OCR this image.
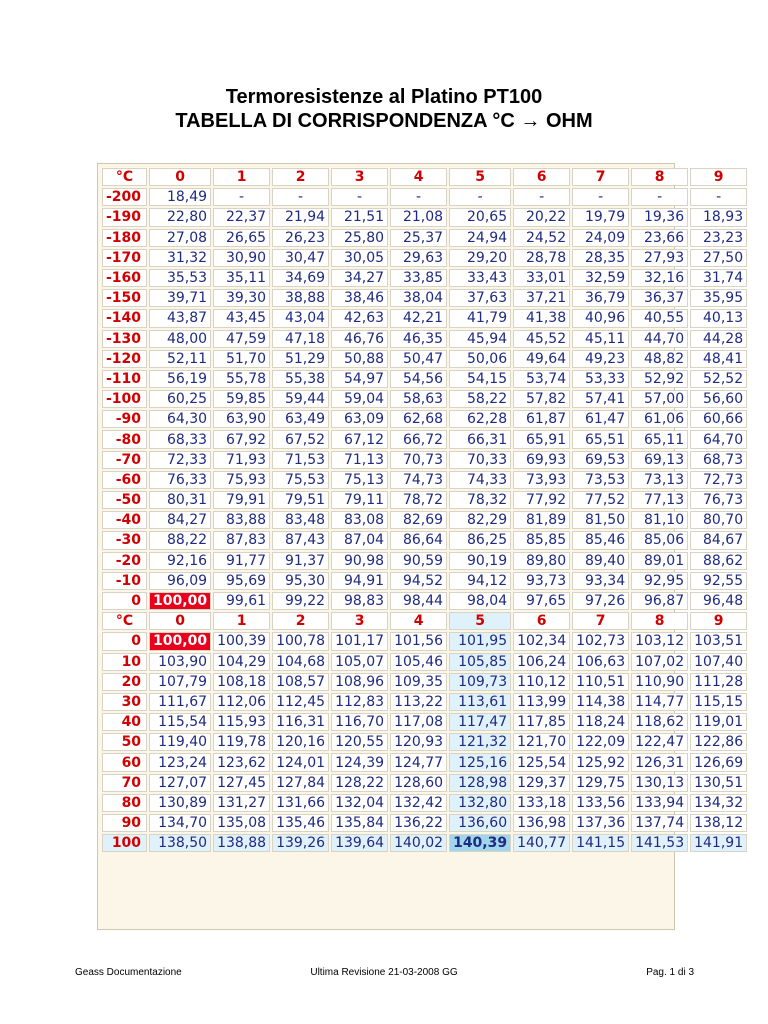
Termoresistenze al Platino PT100
TABELLA DI CORRISPONDENZA °C → OHM
°C	0	1	2	3	4	5	6	7	8	9
-200	18,49	-	-	-	-	-	-	-	-	-
-190	22,80	22,37	21,94	21,51	21,08	20,65	20,22	19,79	19,36	18,93
-180	27,08	26,65	26,23	25,80	25,37	24,94	24,52	24,09	23,66	23,23
-170	31,32	30,90	30,47	30,05	29,63	29,20	28,78	28,35	27,93	27,50
-160	35,53	35,11	34,69	34,27	33,85	33,43	33,01	32,59	32,16	31,74
-150	39,71	39,30	38,88	38,46	38,04	37,63	37,21	36,79	36,37	35,95
-140	43,87	43,45	43,04	42,63	42,21	41,79	41,38	40,96	40,55	40,13
-130	48,00	47,59	47,18	46,76	46,35	45,94	45,52	45,11	44,70	44,28
-120	52,11	51,70	51,29	50,88	50,47	50,06	49,64	49,23	48,82	48,41
-110	56,19	55,78	55,38	54,97	54,56	54,15	53,74	53,33	52,92	52,52
-100	60,25	59,85	59,44	59,04	58,63	58,22	57,82	57,41	57,00	56,60
-90	64,30	63,90	63,49	63,09	62,68	62,28	61,87	61,47	61,06	60,66
-80	68,33	67,92	67,52	67,12	66,72	66,31	65,91	65,51	65,11	64,70
-70	72,33	71,93	71,53	71,13	70,73	70,33	69,93	69,53	69,13	68,73
-60	76,33	75,93	75,53	75,13	74,73	74,33	73,93	73,53	73,13	72,73
-50	80,31	79,91	79,51	79,11	78,72	78,32	77,92	77,52	77,13	76,73
-40	84,27	83,88	83,48	83,08	82,69	82,29	81,89	81,50	81,10	80,70
-30	88,22	87,83	87,43	87,04	86,64	86,25	85,85	85,46	85,06	84,67
-20	92,16	91,77	91,37	90,98	90,59	90,19	89,80	89,40	89,01	88,62
-10	96,09	95,69	95,30	94,91	94,52	94,12	93,73	93,34	92,95	92,55
0	100,00	99,61	99,22	98,83	98,44	98,04	97,65	97,26	96,87	96,48
°C	0	1	2	3	4	5	6	7	8	9
0	100,00	100,39	100,78	101,17	101,56	101,95	102,34	102,73	103,12	103,51
10	103,90	104,29	104,68	105,07	105,46	105,85	106,24	106,63	107,02	107,40
20	107,79	108,18	108,57	108,96	109,35	109,73	110,12	110,51	110,90	111,28
30	111,67	112,06	112,45	112,83	113,22	113,61	113,99	114,38	114,77	115,15
40	115,54	115,93	116,31	116,70	117,08	117,47	117,85	118,24	118,62	119,01
50	119,40	119,78	120,16	120,55	120,93	121,32	121,70	122,09	122,47	122,86
60	123,24	123,62	124,01	124,39	124,77	125,16	125,54	125,92	126,31	126,69
70	127,07	127,45	127,84	128,22	128,60	128,98	129,37	129,75	130,13	130,51
80	130,89	131,27	131,66	132,04	132,42	132,80	133,18	133,56	133,94	134,32
90	134,70	135,08	135,46	135,84	136,22	136,60	136,98	137,36	137,74	138,12
100	138,50	138,88	139,26	139,64	140,02	140,39	140,77	141,15	141,53	141,91
Geass Documentazione	Ultima Revisione 21-03-2008 GG	Pag. 1 di 3
